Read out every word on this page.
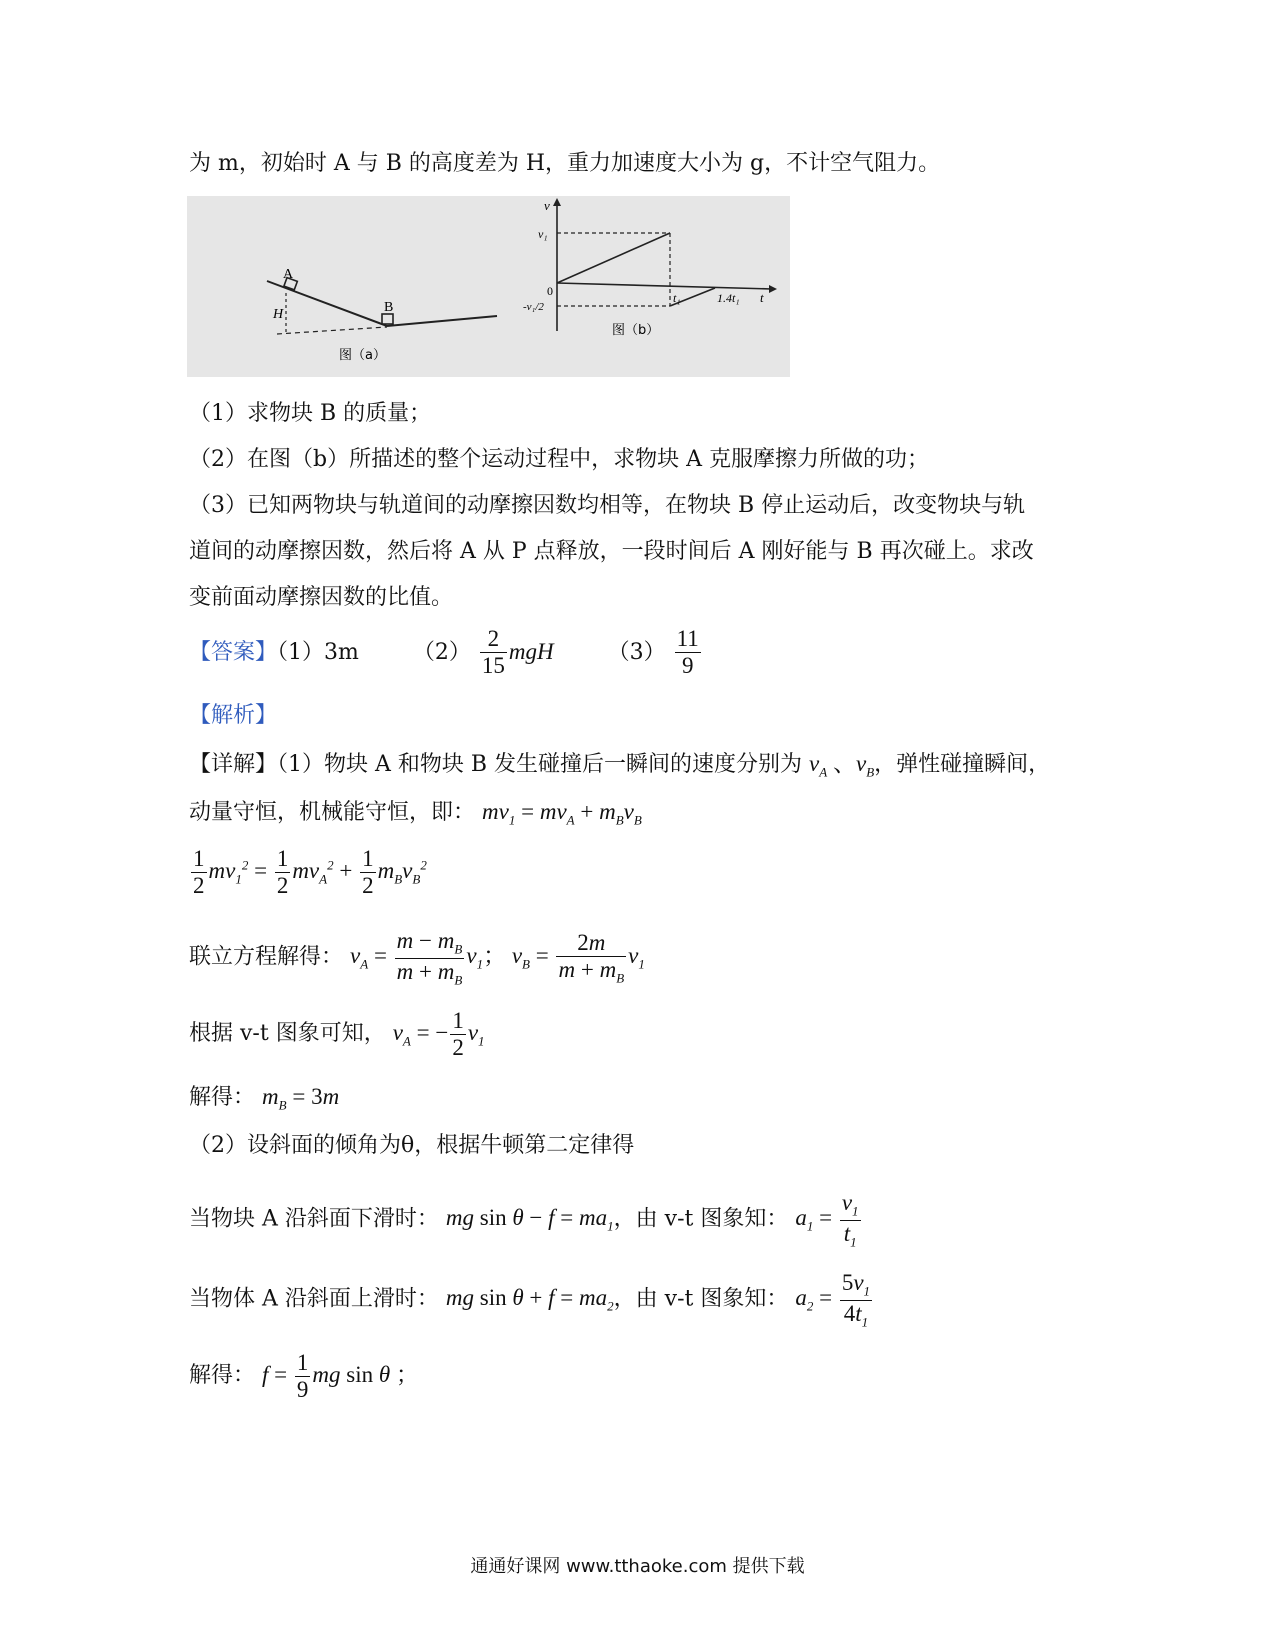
为 m，初始时 A 与 B 的高度差为 H，重力加速度大小为 g，不计空气阻力。
A
B
H
图（a）
v
v₁
0
-v₁/2
t₁	1.4t₁ t
图（b）
（1）求物块 B 的质量；
（2）在图（b）所描述的整个运动过程中，求物块 A 克服摩擦力所做的功；
（3）已知两物块与轨道间的动摩擦因数均相等，在物块 B 停止运动后，改变物块与轨
道间的动摩擦因数，然后将 A 从 P 点释放，一段时间后 A 刚好能与 B 再次碰上。求改
变前面动摩擦因数的比值。
【答案】（1）3m $(2) \frac{2}{15}$ mgH $(3) \frac{11}{9}$
【解析】
【详解】（1）物块 A 和物块 B 发生碰撞后一瞬间的速度分别为 $v_A$ 、$v_B$，弹性碰撞瞬间，
动量守恒，机械能守恒，即： $mv_1 = mv_A + m_Bv_B$
$\frac{1}{2} mv_1^2 = \frac{1}{2} mv_A^2 + \frac{1}{2} m_Bv_B^2$
联立方程解得： $v_A = \frac{m - m_B}{m + m_B} v_1$； $v_B = \frac{2m}{m + m_B} v_1$
根据 v-t 图象可知， $v_A$ = − $\frac{1}{2} v_1$
解得： $m_B = 3m$
（2）设斜面的倾角为θ，根据牛顿第二定律得
当物块 A 沿斜面下滑时： mg $\sin \theta - f = ma_1$，由 v-t 图象知： $a_1 = \frac{v_1}{t_1}$
当物体 A 沿斜面上滑时： mg $\sin \theta + f = ma_2$，由 v-t 图象知： $a_2 = \frac{5v_1}{4t_1}$
解得： $f = \frac{1}{9}$ mg sin θ ；
通通好课网 www.tthaoke.com 提供下载
